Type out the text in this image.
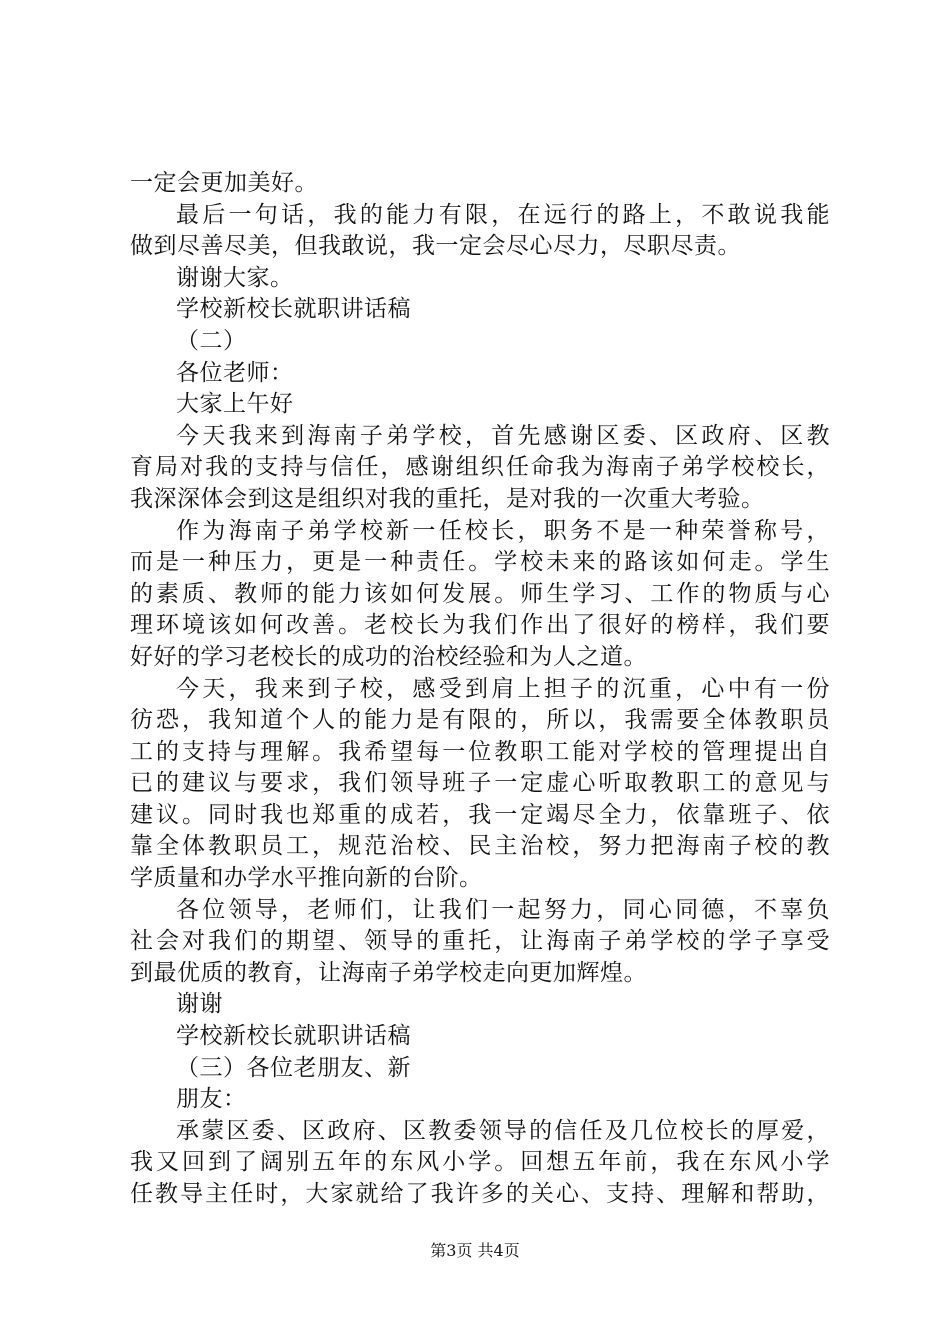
一定会更加美好。
最后一句话，我的能力有限，在远行的路上，不敢说我能
做到尽善尽美，但我敢说，我一定会尽心尽力，尽职尽责。
谢谢大家。
学校新校长就职讲话稿
（二）
各位老师：
大家上午好
今天我来到海南子弟学校，首先感谢区委、区政府、区教
育局对我的支持与信任，感谢组织任命我为海南子弟学校校长，
我深深体会到这是组织对我的重托，是对我的一次重大考验。
作为海南子弟学校新一任校长，职务不是一种荣誉称号，
而是一种压力，更是一种责任。学校未来的路该如何走。学生
的素质、教师的能力该如何发展。师生学习、工作的物质与心
理环境该如何改善。老校长为我们作出了很好的榜样，我们要
好好的学习老校长的成功的治校经验和为人之道。
今天，我来到子校，感受到肩上担子的沉重，心中有一份
彷恐，我知道个人的能力是有限的，所以，我需要全体教职员
工的支持与理解。我希望每一位教职工能对学校的管理提出自
已的建议与要求，我们领导班子一定虚心听取教职工的意见与
建议。同时我也郑重的成若，我一定竭尽全力，依靠班子、依
靠全体教职员工，规范治校、民主治校，努力把海南子校的教
学质量和办学水平推向新的台阶。
各位领导，老师们，让我们一起努力，同心同德，不辜负
社会对我们的期望、领导的重托，让海南子弟学校的学子享受
到最优质的教育，让海南子弟学校走向更加辉煌。
谢谢
学校新校长就职讲话稿
（三）各位老朋友、新
朋友：
承蒙区委、区政府、区教委领导的信任及几位校长的厚爱，
我又回到了阔别五年的东风小学。回想五年前，我在东风小学
任教导主任时，大家就给了我许多的关心、支持、理解和帮助，
第3页 共4页
